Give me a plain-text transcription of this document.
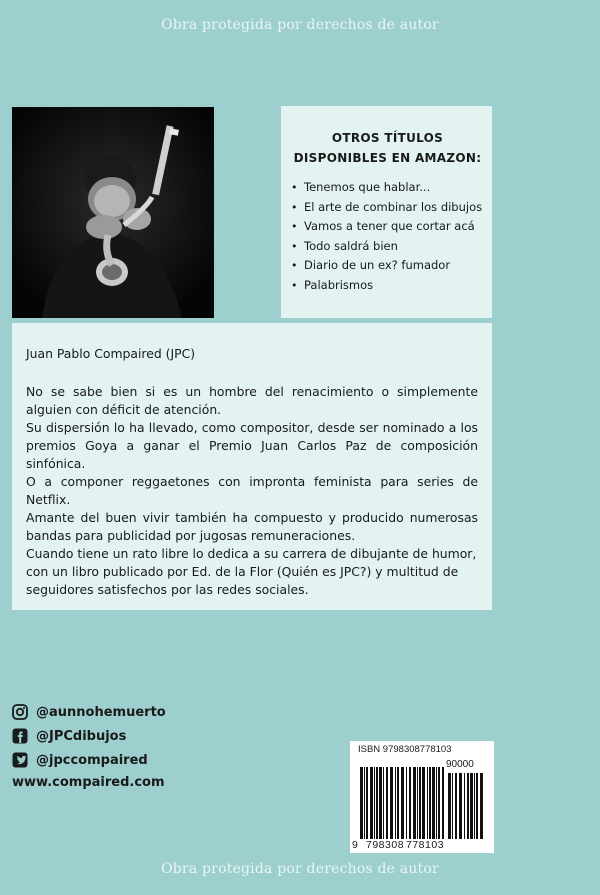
Obra protegida por derechos de autor
OTROS TÍTULOS
DISPONIBLES EN AMAZON:
• Tenemos que hablar...
• El arte de combinar los dibujos
• Vamos a tener que cortar acá
• Todo saldrá bien
• Diario de un ex? fumador
• Palabrismos

Juan Pablo Compaired (JPC)

No se sabe bien si es un hombre del renacimiento o simplemente alguien con déficit de atención.

Su dispersión lo ha llevado, como compositor, desde ser nominado a los premios Goya a ganar el Premio Juan Carlos Paz de composición sinfónica.

O a componer reggaetones con impronta feminista para series de Netflix.

Amante del buen vivir también ha compuesto y producido numerosas bandas para publicidad por jugosas remuneraciones.

Cuando tiene un rato libre lo dedica a su carrera de dibujante de humor, con un libro publicado por Ed. de la Flor (Quién es JPC?) y multitud de seguidores satisfechos por las redes sociales.

@aunnohemuerto
@JPCdibujos
@jpccompaired
www.compaired.com
ISBN 9798308778103
90000
9 798308 778103
Obra protegida por derechos de autor
